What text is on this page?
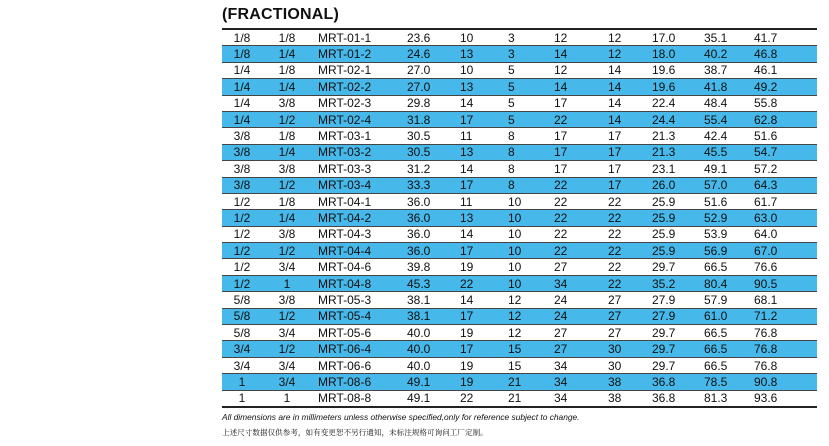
(FRACTIONAL)
1/8	1/8	MRT-01-1	23.6	10	3	12	12	17.0	35.1	41.7
1/8	1/4	MRT-01-2	24.6	13	3	14	12	18.0	40.2	46.8
1/4	1/8	MRT-02-1	27.0	10	5	12	14	19.6	38.7	46.1
1/4	1/4	MRT-02-2	27.0	13	5	14	14	19.6	41.8	49.2
1/4	3/8	MRT-02-3	29.8	14	5	17	14	22.4	48.4	55.8
1/4	1/2	MRT-02-4	31.8	17	5	22	14	24.4	55.4	62.8
3/8	1/8	MRT-03-1	30.5	11	8	17	17	21.3	42.4	51.6
3/8	1/4	MRT-03-2	30.5	13	8	17	17	21.3	45.5	54.7
3/8	3/8	MRT-03-3	31.2	14	8	17	17	23.1	49.1	57.2
3/8	1/2	MRT-03-4	33.3	17	8	22	17	26.0	57.0	64.3
1/2	1/8	MRT-04-1	36.0	11	10	22	22	25.9	51.6	61.7
1/2	1/4	MRT-04-2	36.0	13	10	22	22	25.9	52.9	63.0
1/2	3/8	MRT-04-3	36.0	14	10	22	22	25.9	53.9	64.0
1/2	1/2	MRT-04-4	36.0	17	10	22	22	25.9	56.9	67.0
1/2	3/4	MRT-04-6	39.8	19	10	27	22	29.7	66.5	76.6
1/2	1	MRT-04-8	45.3	22	10	34	22	35.2	80.4	90.5
5/8	3/8	MRT-05-3	38.1	14	12	24	27	27.9	57.9	68.1
5/8	1/2	MRT-05-4	38.1	17	12	24	27	27.9	61.0	71.2
5/8	3/4	MRT-05-6	40.0	19	12	27	27	29.7	66.5	76.8
3/4	1/2	MRT-06-4	40.0	17	15	27	30	29.7	66.5	76.8
3/4	3/4	MRT-06-6	40.0	19	15	34	30	29.7	66.5	76.8
1	3/4	MRT-08-6	49.1	19	21	34	38	36.8	78.5	90.8
1	1	MRT-08-8	49.1	22	21	34	38	36.8	81.3	93.6
All dimensions are in millimeters unless otherwise specified,only for reference subject to change.
上述尺寸数据仅供参考，如有变更恕不另行通知，未标注规格可询问工厂定制。
